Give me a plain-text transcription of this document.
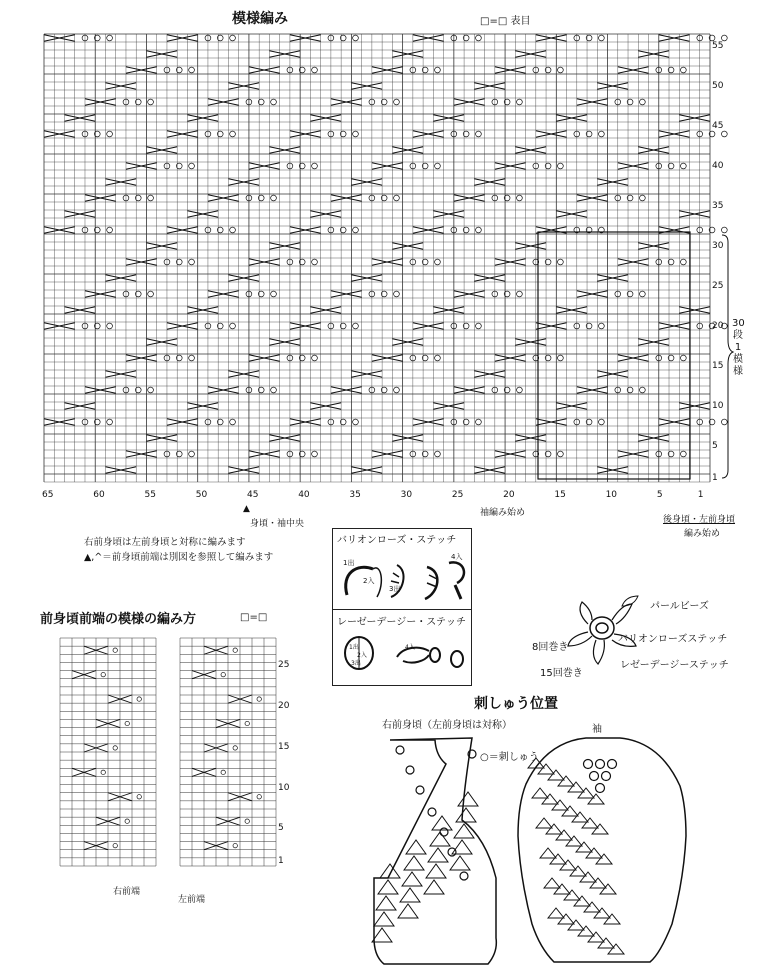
模様編み	□=□ 表目
55
50
45
40
35
30
25
20
15
10
5
1
65	60	55	50	45	40	35	30	25	20	15	10	5	1
30段1模様
▲
身頃・袖中央
袖編み始め
後身頃・左前身頃
編み始め
右前身頃は左前身頃と対称に編みます
▲,^＝前身頃前端は別図を参照して編みます
バリオンローズ・ステッチ
1出
2入
3出
4入
レーゼーデージー・ステッチ
1出
2入
3出
4入
パールビーズ
バリオンローズステッチ
レゼーデージーステッチ
8回巻き
15回巻き
前身頃前端の模様の編み方	□=□
25
20
15
10
5
1
右前端
左前端
刺しゅう位置
右前身頃（左前身頃は対称）
○＝刺しゅう
袖
